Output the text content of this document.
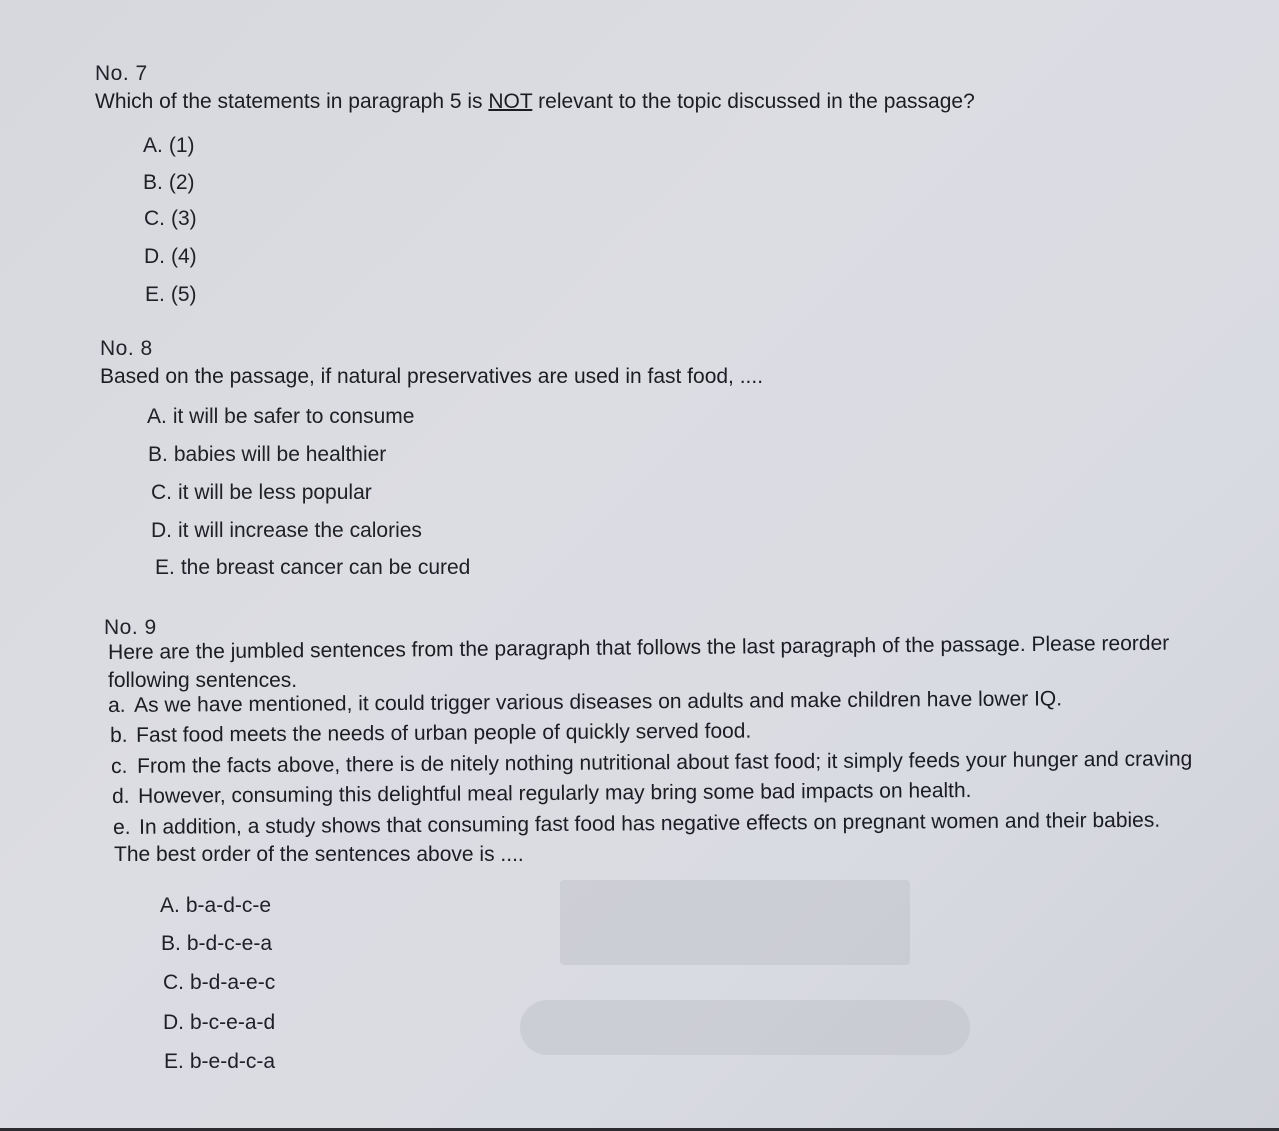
No. 7
Which of the statements in paragraph 5 is NOT relevant to the topic discussed in the passage?
A. (1)
B. (2)
C. (3)
D. (4)
E. (5)
No. 8
Based on the passage, if natural preservatives are used in fast food, ....
A. it will be safer to consume
B. babies will be healthier
C. it will be less popular
D. it will increase the calories
E. the breast cancer can be cured
No. 9
Here are the jumbled sentences from the paragraph that follows the last paragraph of the passage. Please reorder
following sentences.
a. As we have mentioned, it could trigger various diseases on adults and make children have lower IQ.
b. Fast food meets the needs of urban people of quickly served food.
c. From the facts above, there is de nitely nothing nutritional about fast food; it simply feeds your hunger and craving
d. However, consuming this delightful meal regularly may bring some bad impacts on health.
e. In addition, a study shows that consuming fast food has negative effects on pregnant women and their babies.
The best order of the sentences above is ....
A. b-a-d-c-e
B. b-d-c-e-a
C. b-d-a-e-c
D. b-c-e-a-d
E. b-e-d-c-a
